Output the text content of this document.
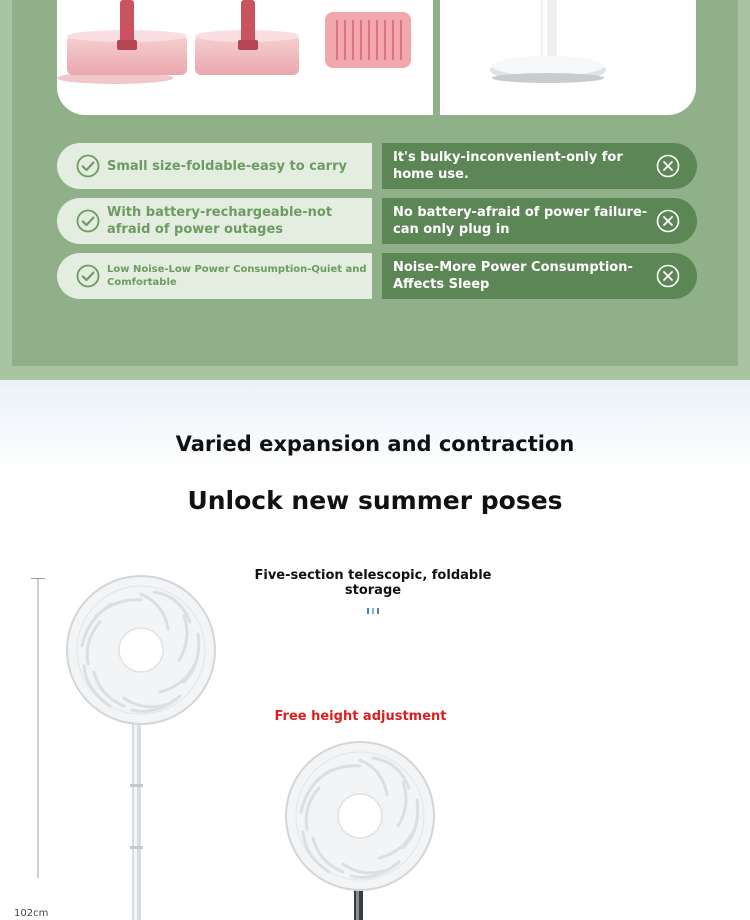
Small size-foldable-easy to carry
It's bulky-inconvenient-only for home use.
With battery-rechargeable-not afraid of power outages
No battery-afraid of power failure-can only plug in
Low Noise-Low Power Consumption-Quiet and Comfortable
Noise-More Power Consumption-Affects Sleep
Varied expansion and contraction
Unlock new summer poses
Five-section telescopic, foldable storage
102cm
Free height adjustment
